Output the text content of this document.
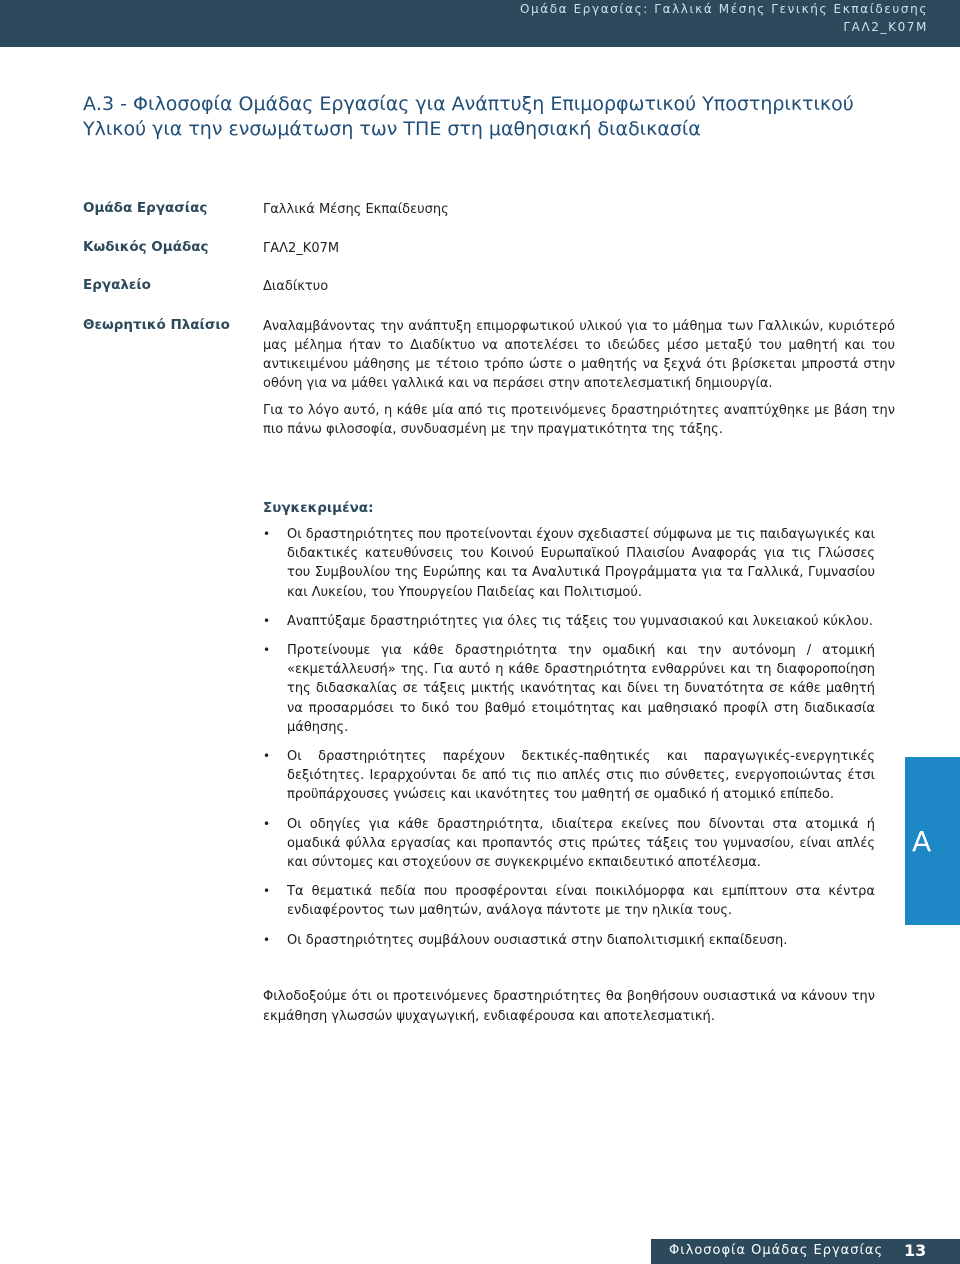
Ομάδα Εργασίας: Γαλλικά Μέσης Γενικής Εκπαίδευσης
ΓΑΛ2_Κ07Μ
Α.3 - Φιλοσοφία Ομάδας Εργασίας για Ανάπτυξη Επιμορφωτικού Υποστηρικτικού Υλικού για την ενσωμάτωση των ΤΠΕ στη μαθησιακή διαδικασία
Ομάδα Εργασίας	Γαλλικά Μέσης Εκπαίδευσης
Κωδικός Ομάδας	ΓΑΛ2_Κ07Μ
Εργαλείο	Διαδίκτυο
Θεωρητικό Πλαίσιο	Αναλαμβάνοντας την ανάπτυξη επιμορφωτικού υλικού για το μάθημα των Γαλλικών, κυριότερό μας μέλημα ήταν το Διαδίκτυο να αποτελέσει το ιδεώδες μέσο μεταξύ του μαθητή και του αντικειμένου μάθησης με τέτοιο τρόπο ώστε ο μαθητής να ξεχνά ότι βρίσκεται μπροστά στην οθόνη για να μάθει γαλλικά και να περάσει στην αποτελεσματική δημιουργία.

Για το λόγο αυτό, η κάθε μία από τις προτεινόμενες δραστηριότητες αναπτύχθηκε με βάση την πιο πάνω φιλοσοφία, συνδυασμένη με την πραγματικότητα της τάξης.

Συγκεκριμένα:
• Οι δραστηριότητες που προτείνονται έχουν σχεδιαστεί σύμφωνα με τις παιδαγωγικές και διδακτικές κατευθύνσεις του Κοινού Ευρωπαϊκού Πλαισίου Αναφοράς για τις Γλώσσες του Συμβουλίου της Ευρώπης και τα Αναλυτικά Προγράμματα για τα Γαλλικά, Γυμνασίου και Λυκείου, του Υπουργείου Παιδείας και Πολιτισμού.
• Αναπτύξαμε δραστηριότητες για όλες τις τάξεις του γυμνασιακού και λυκειακού κύκλου.
• Προτείνουμε για κάθε δραστηριότητα την ομαδική και την αυτόνομη / ατομική «εκμετάλλευσή» της. Για αυτό η κάθε δραστηριότητα ενθαρρύνει και τη διαφοροποίηση της διδασκαλίας σε τάξεις μικτής ικανότητας και δίνει τη δυνατότητα σε κάθε μαθητή να προσαρμόσει το δικό του βαθμό ετοιμότητας και μαθησιακό προφίλ στη διαδικασία μάθησης.
• Οι δραστηριότητες παρέχουν δεκτικές-παθητικές και παραγωγικές-ενεργητικές δεξιότητες. Ιεραρχούνται δε από τις πιο απλές στις πιο σύνθετες, ενεργοποιώντας έτσι προϋπάρχουσες γνώσεις και ικανότητες του μαθητή σε ομαδικό ή ατομικό επίπεδο.
• Οι οδηγίες για κάθε δραστηριότητα, ιδιαίτερα εκείνες που δίνονται στα ατομικά ή ομαδικά φύλλα εργασίας και προπαντός στις πρώτες τάξεις του γυμνασίου, είναι απλές και σύντομες και στοχεύουν σε συγκεκριμένο εκπαιδευτικό αποτέλεσμα.
• Τα θεματικά πεδία που προσφέρονται είναι ποικιλόμορφα και εμπίπτουν στα κέντρα ενδιαφέροντος των μαθητών, ανάλογα πάντοτε με την ηλικία τους.
• Οι δραστηριότητες συμβάλουν ουσιαστικά στην διαπολιτισμική εκπαίδευση.

Φιλοδοξούμε ότι οι προτεινόμενες δραστηριότητες θα βοηθήσουν ουσιαστικά να κάνουν την εκμάθηση γλωσσών ψυχαγωγική, ενδιαφέρουσα και αποτελεσματική.

A
Φιλοσοφία Ομάδας Εργασίας 13
